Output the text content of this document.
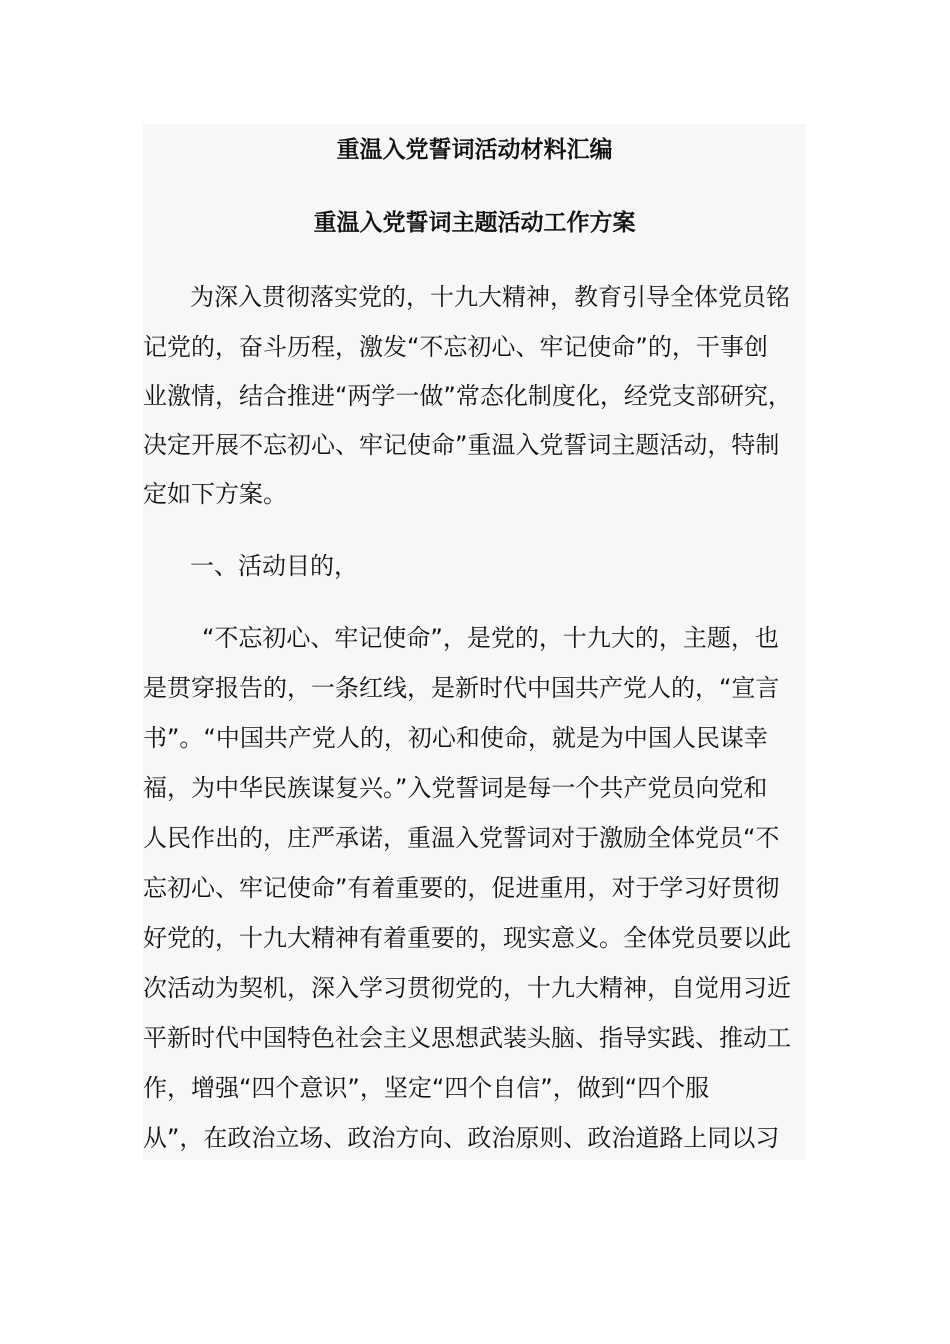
重温入党誓词活动材料汇编
重温入党誓词主题活动工作方案
为深入贯彻落实党的，十九大精神，教育引导全体党员铭
记党的，奋斗历程，激发“不忘初心、牢记使命”的，干事创
业激情，结合推进“两学一做”常态化制度化，经党支部研究，
决定开展不忘初心、牢记使命”重温入党誓词主题活动，特制
定如下方案。
一、活动目的，
“不忘初心、牢记使命”，是党的，十九大的，主题，也
是贯穿报告的，一条红线，是新时代中国共产党人的，“宣言
书”。“中国共产党人的，初心和使命，就是为中国人民谋幸
福，为中华民族谋复兴。”入党誓词是每一个共产党员向党和
人民作出的，庄严承诺，重温入党誓词对于激励全体党员“不
忘初心、牢记使命”有着重要的，促进重用，对于学习好贯彻
好党的，十九大精神有着重要的，现实意义。全体党员要以此
次活动为契机，深入学习贯彻党的，十九大精神，自觉用习近
平新时代中国特色社会主义思想武装头脑、指导实践、推动工
作，增强“四个意识”，坚定“四个自信”，做到“四个服
从”，在政治立场、政治方向、政治原则、政治道路上同以习
